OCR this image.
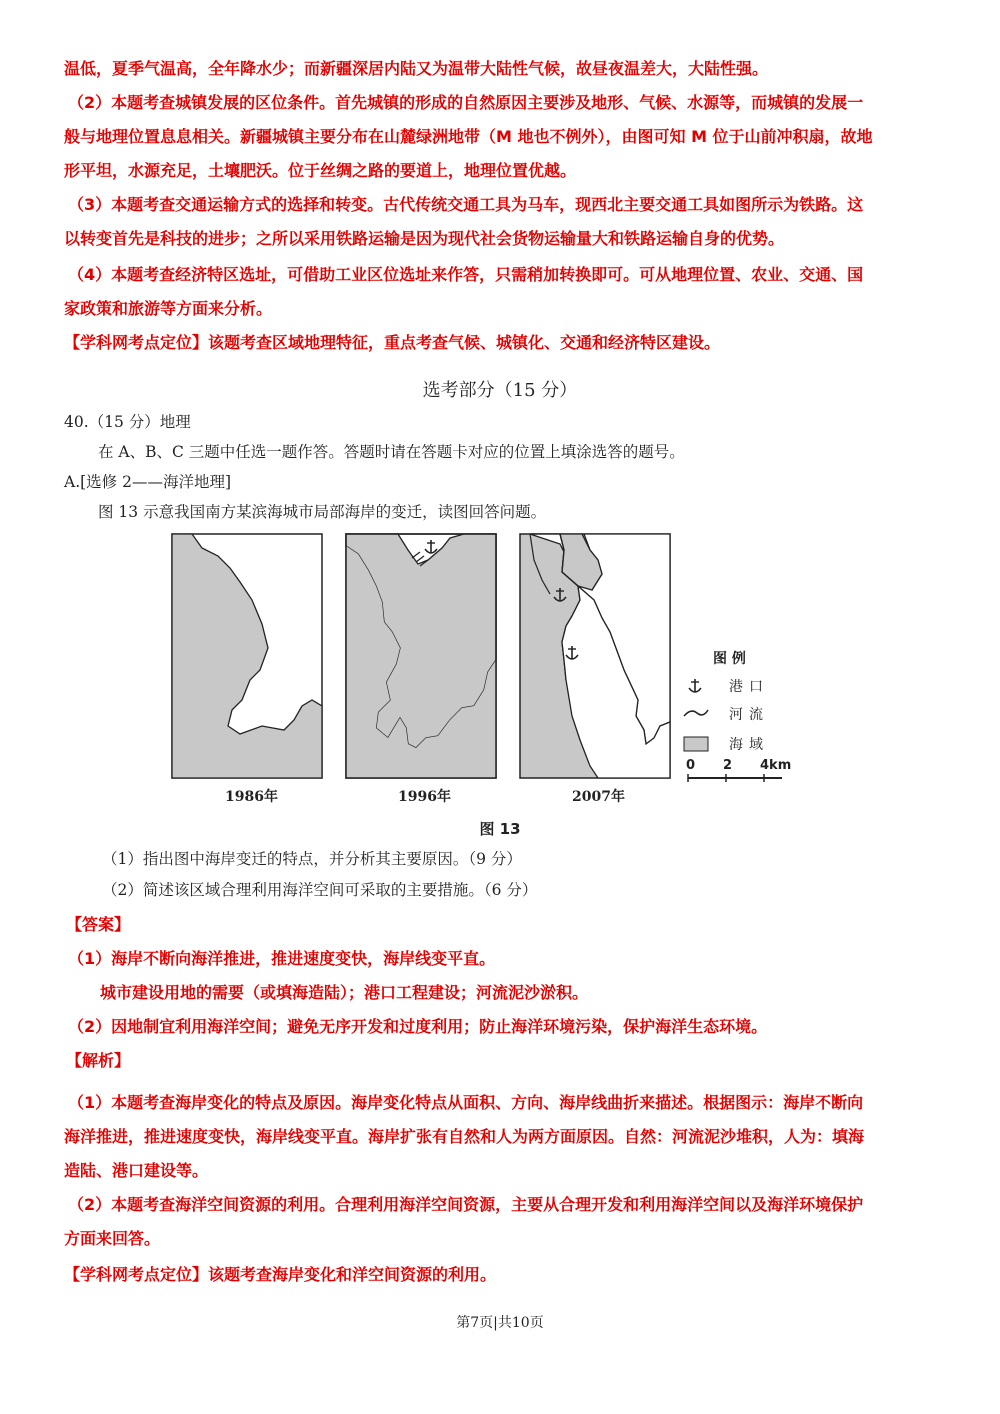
温低，夏季气温高，全年降水少；而新疆深居内陆又为温带大陆性气候，故昼夜温差大，大陆性强。
（2）本题考查城镇发展的区位条件。首先城镇的形成的自然原因主要涉及地形、气候、水源等，而城镇的发展一
般与地理位置息息相关。新疆城镇主要分布在山麓绿洲地带（M 地也不例外），由图可知 M 位于山前冲积扇，故地
形平坦，水源充足，土壤肥沃。位于丝绸之路的要道上，地理位置优越。
（3）本题考查交通运输方式的选择和转变。古代传统交通工具为马车，现西北主要交通工具如图所示为铁路。这
以转变首先是科技的进步；之所以采用铁路运输是因为现代社会货物运输量大和铁路运输自身的优势。
（4）本题考查经济特区选址，可借助工业区位选址来作答，只需稍加转换即可。可从地理位置、农业、交通、国
家政策和旅游等方面来分析。
【学科网考点定位】该题考查区域地理特征，重点考查气候、城镇化、交通和经济特区建设。
选考部分（15 分）
40.（15 分）地理
在 A、B、C 三题中任选一题作答。答题时请在答题卡对应的位置上填涂选答的题号。
A.[选修 2——海洋地理]
图 13 示意我国南方某滨海城市局部海岸的变迁，读图回答问题。
1986年	1996年	2007年
图 例
港口
河流
海域
0 2 4km
图 13
（1）指出图中海岸变迁的特点，并分析其主要原因。（9 分）
（2）简述该区域合理利用海洋空间可采取的主要措施。（6 分）
【答案】
（1）海岸不断向海洋推进，推进速度变快，海岸线变平直。
城市建设用地的需要（或填海造陆）；港口工程建设；河流泥沙淤积。
（2）因地制宜利用海洋空间；避免无序开发和过度利用；防止海洋环境污染，保护海洋生态环境。
【解析】
（1）本题考查海岸变化的特点及原因。海岸变化特点从面积、方向、海岸线曲折来描述。根据图示：海岸不断向
海洋推进，推进速度变快，海岸线变平直。海岸扩张有自然和人为两方面原因。自然：河流泥沙堆积，人为：填海
造陆、港口建设等。
（2）本题考查海洋空间资源的利用。合理利用海洋空间资源，主要从合理开发和利用海洋空间以及海洋环境保护
方面来回答。
【学科网考点定位】该题考查海岸变化和洋空间资源的利用。
第7页|共10页
